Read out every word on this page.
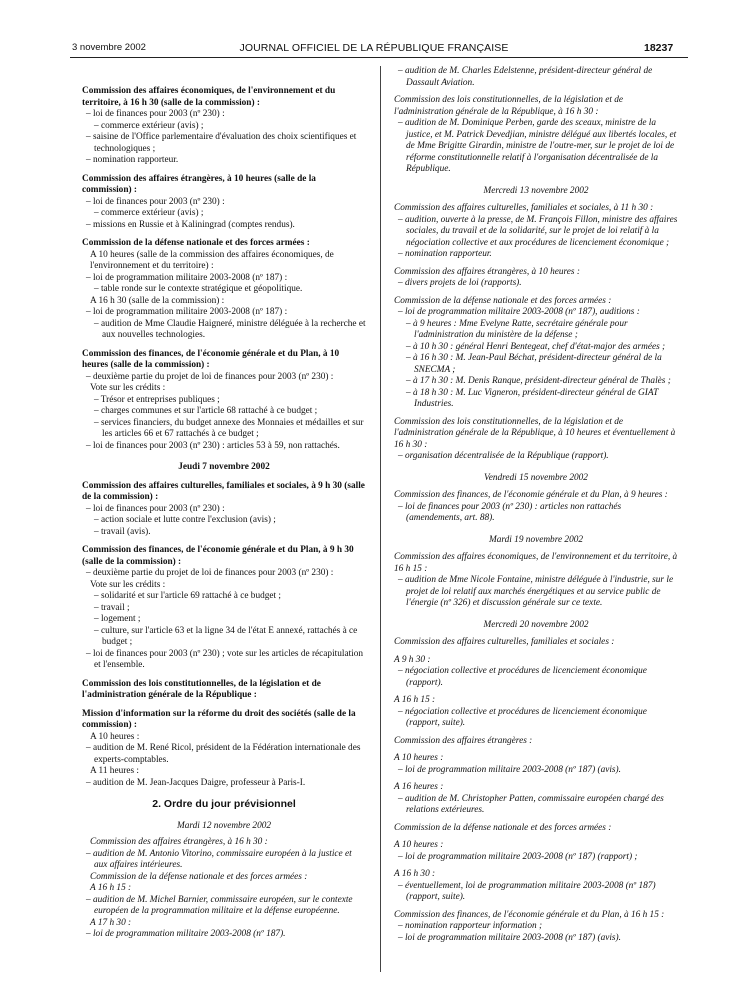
3 novembre 2002	JOURNAL OFFICIEL DE LA RÉPUBLIQUE FRANÇAISE	18237
Commission des affaires économiques, de l'environnement et du territoire, à 16 h 30 (salle de la commission) :
– loi de finances pour 2003 (nº 230) :
– commerce extérieur (avis) ;
– saisine de l'Office parlementaire d'évaluation des choix scientifiques et technologiques ;
– nomination rapporteur.
Commission des affaires étrangères, à 10 heures (salle de la commission) :
– loi de finances pour 2003 (nº 230) :
– commerce extérieur (avis) ;
– missions en Russie et à Kaliningrad (comptes rendus).
Commission de la défense nationale et des forces armées :
A 10 heures (salle de la commission des affaires économiques, de l'environnement et du territoire) :
– loi de programmation militaire 2003-2008 (nº 187) :
– table ronde sur le contexte stratégique et géopolitique.
A 16 h 30 (salle de la commission) :
– loi de programmation militaire 2003-2008 (nº 187) :
– audition de Mme Claudie Haigneré, ministre déléguée à la recherche et aux nouvelles technologies.
Commission des finances, de l'économie générale et du Plan, à 10 heures (salle de la commission) :
– deuxième partie du projet de loi de finances pour 2003 (nº 230) :
Vote sur les crédits :
– Trésor et entreprises publiques ;
– charges communes et sur l'article 68 rattaché à ce budget ;
– services financiers, du budget annexe des Monnaies et médailles et sur les articles 66 et 67 rattachés à ce budget ;
– loi de finances pour 2003 (nº 230) : articles 53 à 59, non rattachés.
Jeudi 7 novembre 2002
Commission des affaires culturelles, familiales et sociales, à 9 h 30 (salle de la commission) :
– loi de finances pour 2003 (nº 230) :
– action sociale et lutte contre l'exclusion (avis) ;
– travail (avis).
Commission des finances, de l'économie générale et du Plan, à 9 h 30 (salle de la commission) :
– deuxième partie du projet de loi de finances pour 2003 (nº 230) :
Vote sur les crédits :
– solidarité et sur l'article 69 rattaché à ce budget ;
– travail ;
– logement ;
– culture, sur l'article 63 et la ligne 34 de l'état E annexé, rattachés à ce budget ;
– loi de finances pour 2003 (nº 230) ; vote sur les articles de récapitulation et l'ensemble.
Commission des lois constitutionnelles, de la législation et de l'administration générale de la République :
Mission d'information sur la réforme du droit des sociétés (salle de la commission) :
A 10 heures :
– audition de M. René Ricol, président de la Fédération internationale des experts-comptables.
A 11 heures :
– audition de M. Jean-Jacques Daigre, professeur à Paris-I.
2. Ordre du jour prévisionnel
Mardi 12 novembre 2002
Commission des affaires étrangères, à 16 h 30 :
– audition de M. Antonio Vitorino, commissaire européen à la justice et aux affaires intérieures.
Commission de la défense nationale et des forces armées :
A 16 h 15 :
– audition de M. Michel Barnier, commissaire européen, sur le contexte européen de la programmation militaire et la défense européenne.
A 17 h 30 :
– loi de programmation militaire 2003-2008 (nº 187).
– audition de M. Charles Edelstenne, président-directeur général de Dassault Aviation.
Commission des lois constitutionnelles, de la législation et de l'administration générale de la République, à 16 h 30 :
– audition de M. Dominique Perben, garde des sceaux, ministre de la justice, et M. Patrick Devedjian, ministre délégué aux libertés locales, et de Mme Brigitte Girardin, ministre de l'outre-mer, sur le projet de loi de réforme constitutionnelle relatif à l'organisation décentralisée de la République.
Mercredi 13 novembre 2002
Commission des affaires culturelles, familiales et sociales, à 11 h 30 :
– audition, ouverte à la presse, de M. François Fillon, ministre des affaires sociales, du travail et de la solidarité, sur le projet de loi relatif à la négociation collective et aux procédures de licenciement économique ;
– nomination rapporteur.
Commission des affaires étrangères, à 10 heures :
– divers projets de loi (rapports).
Commission de la défense nationale et des forces armées :
– loi de programmation militaire 2003-2008 (nº 187), auditions :
– à 9 heures : Mme Evelyne Ratte, secrétaire générale pour l'administration du ministère de la défense ;
– à 10 h 30 : général Henri Bentegeat, chef d'état-major des armées ;
– à 16 h 30 : M. Jean-Paul Béchat, président-directeur général de la SNECMA ;
– à 17 h 30 : M. Denis Ranque, président-directeur général de Thalès ;
– à 18 h 30 : M. Luc Vigneron, président-directeur général de GIAT Industries.
Commission des lois constitutionnelles, de la législation et de l'administration générale de la République, à 10 heures et éventuellement à 16 h 30 :
– organisation décentralisée de la République (rapport).
Vendredi 15 novembre 2002
Commission des finances, de l'économie générale et du Plan, à 9 heures :
– loi de finances pour 2003 (nº 230) : articles non rattachés (amendements, art. 88).
Mardi 19 novembre 2002
Commission des affaires économiques, de l'environnement et du territoire, à 16 h 15 :
– audition de Mme Nicole Fontaine, ministre déléguée à l'industrie, sur le projet de loi relatif aux marchés énergétiques et au service public de l'énergie (nº 326) et discussion générale sur ce texte.
Mercredi 20 novembre 2002
Commission des affaires culturelles, familiales et sociales :
A 9 h 30 :
– négociation collective et procédures de licenciement économique (rapport).
A 16 h 15 :
– négociation collective et procédures de licenciement économique (rapport, suite).
Commission des affaires étrangères :
A 10 heures :
– loi de programmation militaire 2003-2008 (nº 187) (avis).
A 16 heures :
– audition de M. Christopher Patten, commissaire européen chargé des relations extérieures.
Commission de la défense nationale et des forces armées :
A 10 heures :
– loi de programmation militaire 2003-2008 (nº 187) (rapport) ;
A 16 h 30 :
– éventuellement, loi de programmation militaire 2003-2008 (nº 187) (rapport, suite).
Commission des finances, de l'économie générale et du Plan, à 16 h 15 :
– nomination rapporteur information ;
– loi de programmation militaire 2003-2008 (nº 187) (avis).
